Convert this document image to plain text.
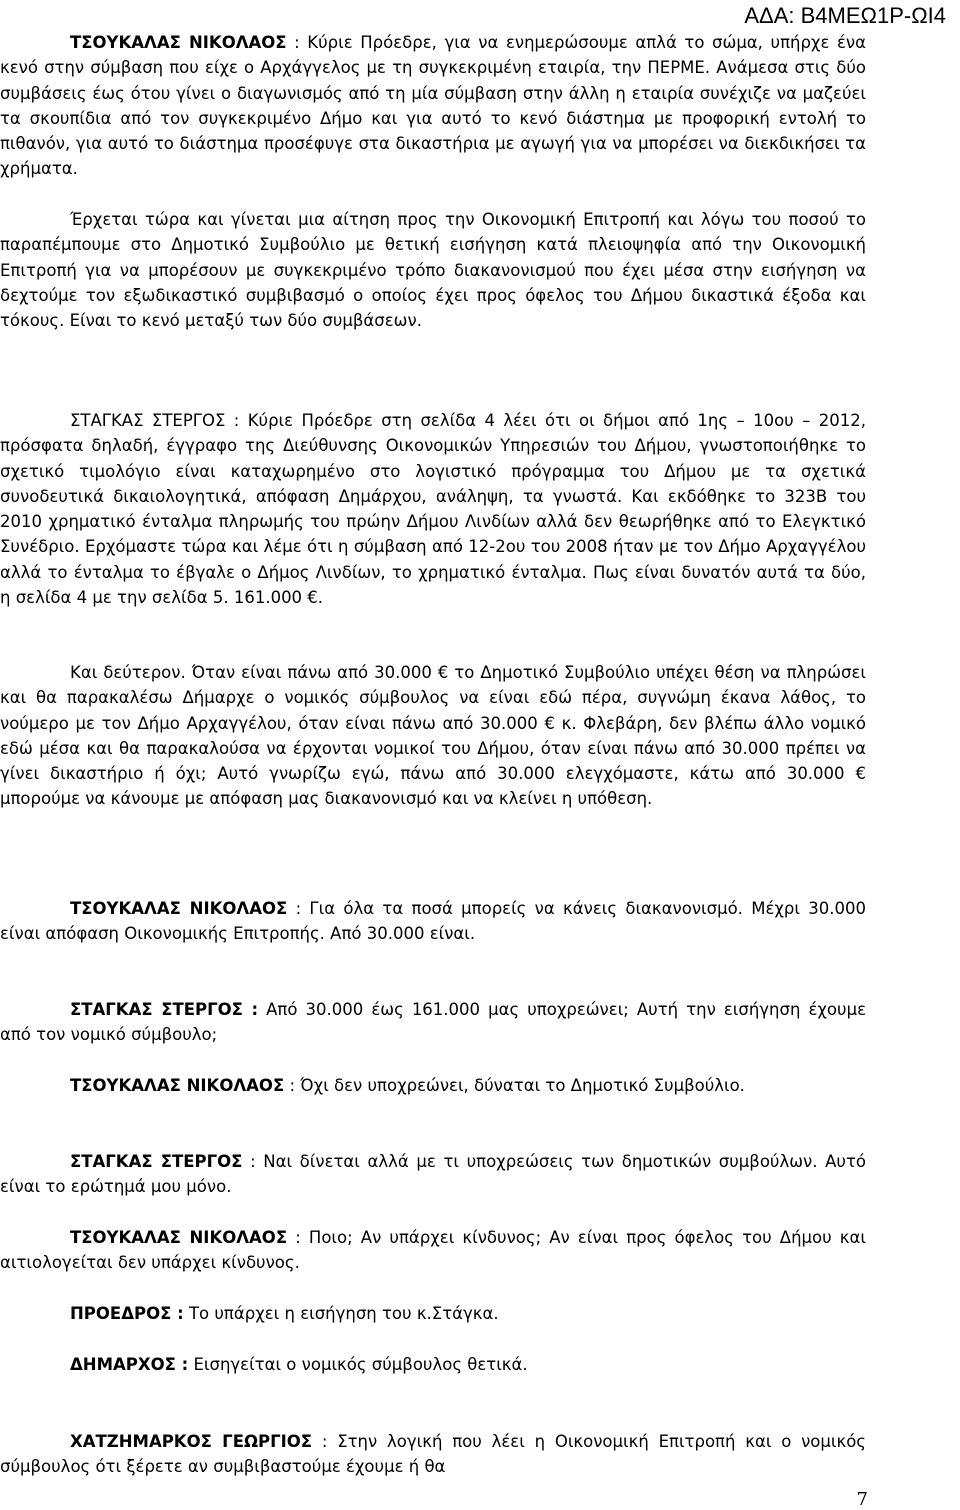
ΑΔΑ: Β4ΜΕΩ1Ρ-ΩΙ4

ΤΣΟΥΚΑΛΑΣ ΝΙΚΟΛΑΟΣ : Κύριε Πρόεδρε, για να ενημερώσουμε απλά το σώμα, υπήρχε ένα κενό στην σύμβαση που είχε ο Αρχάγγελος με τη συγκεκριμένη εταιρία, την ΠΕΡΜΕ. Ανάμεσα στις δύο συμβάσεις έως ότου γίνει ο διαγωνισμός από τη μία σύμβαση στην άλλη η εταιρία συνέχιζε να μαζεύει τα σκουπίδια από τον συγκεκριμένο Δήμο και για αυτό το κενό διάστημα με προφορική εντολή το πιθανόν, για αυτό το διάστημα προσέφυγε στα δικαστήρια με αγωγή για να μπορέσει να διεκδικήσει τα χρήματα.

Έρχεται τώρα και γίνεται μια αίτηση προς την Οικονομική Επιτροπή και λόγω του ποσού το παραπέμπουμε στο Δημοτικό Συμβούλιο με θετική εισήγηση κατά πλειοψηφία από την Οικονομική Επιτροπή για να μπορέσουν με συγκεκριμένο τρόπο διακανονισμού που έχει μέσα στην εισήγηση να δεχτούμε τον εξωδικαστικό συμβιβασμό ο οποίος έχει προς όφελος του Δήμου δικαστικά έξοδα και τόκους. Είναι το κενό μεταξύ των δύο συμβάσεων.

ΣΤΑΓΚΑΣ ΣΤΕΡΓΟΣ : Κύριε Πρόεδρε στη σελίδα 4 λέει ότι οι δήμοι από 1ης – 10ου – 2012, πρόσφατα δηλαδή, έγγραφο της Διεύθυνσης Οικονομικών Υπηρεσιών του Δήμου, γνωστοποιήθηκε το σχετικό τιμολόγιο είναι καταχωρημένο στο λογιστικό πρόγραμμα του Δήμου με τα σχετικά συνοδευτικά δικαιολογητικά, απόφαση Δημάρχου, ανάληψη, τα γνωστά. Και εκδόθηκε το 323Β του 2010 χρηματικό ένταλμα πληρωμής του πρώην Δήμου Λινδίων αλλά δεν θεωρήθηκε από το Ελεγκτικό Συνέδριο. Ερχόμαστε τώρα και λέμε ότι η σύμβαση από 12-2ου του 2008 ήταν με τον Δήμο Αρχαγγέλου αλλά το ένταλμα το έβγαλε ο Δήμος Λινδίων, το χρηματικό ένταλμα. Πως είναι δυνατόν αυτά τα δύο, η σελίδα 4 με την σελίδα 5. 161.000 €.

Και δεύτερον. Όταν είναι πάνω από 30.000 € το Δημοτικό Συμβούλιο υπέχει θέση να πληρώσει και θα παρακαλέσω Δήμαρχε ο νομικός σύμβουλος να είναι εδώ πέρα, συγνώμη έκανα λάθος, το νούμερο με τον Δήμο Αρχαγγέλου, όταν είναι πάνω από 30.000 € κ. Φλεβάρη, δεν βλέπω άλλο νομικό εδώ μέσα και θα παρακαλούσα να έρχονται νομικοί του Δήμου, όταν είναι πάνω από 30.000 πρέπει να γίνει δικαστήριο ή όχι; Αυτό γνωρίζω εγώ, πάνω από 30.000 ελεγχόμαστε, κάτω από 30.000 € μπορούμε να κάνουμε με απόφαση μας διακανονισμό και να κλείνει η υπόθεση.

ΤΣΟΥΚΑΛΑΣ ΝΙΚΟΛΑΟΣ : Για όλα τα ποσά μπορείς να κάνεις διακανονισμό. Μέχρι 30.000 είναι απόφαση Οικονομικής Επιτροπής. Από 30.000 είναι.

ΣΤΑΓΚΑΣ ΣΤΕΡΓΟΣ : Από 30.000 έως 161.000 μας υποχρεώνει; Αυτή την εισήγηση έχουμε από τον νομικό σύμβουλο;

ΤΣΟΥΚΑΛΑΣ ΝΙΚΟΛΑΟΣ : Όχι δεν υποχρεώνει, δύναται το Δημοτικό Συμβούλιο.

ΣΤΑΓΚΑΣ ΣΤΕΡΓΟΣ : Ναι δίνεται αλλά με τι υποχρεώσεις των δημοτικών συμβούλων. Αυτό είναι το ερώτημά μου μόνο.

ΤΣΟΥΚΑΛΑΣ ΝΙΚΟΛΑΟΣ : Ποιο; Αν υπάρχει κίνδυνος; Αν είναι προς όφελος του Δήμου και αιτιολογείται δεν υπάρχει κίνδυνος.

ΠΡΟΕΔΡΟΣ : Το υπάρχει η εισήγηση του κ.Στάγκα.

ΔΗΜΑΡΧΟΣ : Εισηγείται ο νομικός σύμβουλος θετικά.

ΧΑΤΖΗΜΑΡΚΟΣ ΓΕΩΡΓΙΟΣ : Στην λογική που λέει η Οικονομική Επιτροπή και ο νομικός σύμβουλος ότι ξέρετε αν συμβιβαστούμε έχουμε ή θα

7
